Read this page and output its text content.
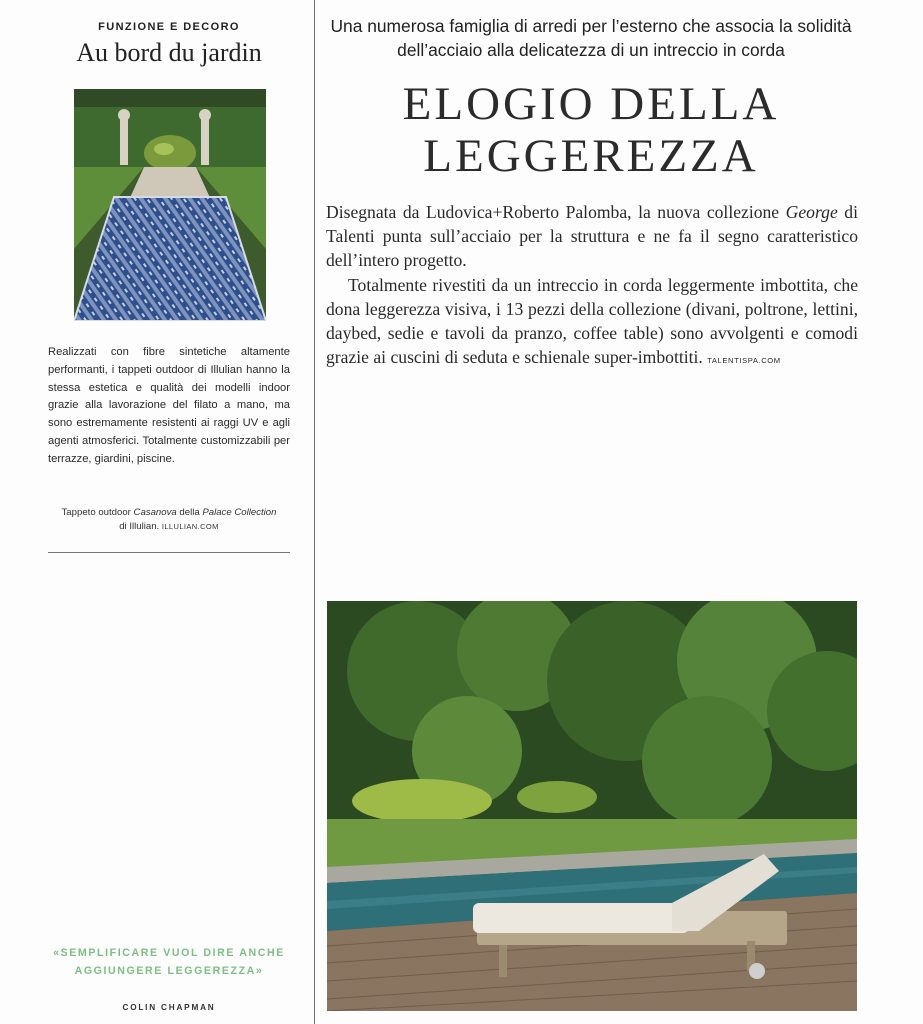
FUNZIONE E DECORO
Au bord du jardin

Realizzati con fibre sintetiche altamente performanti, i tappeti outdoor di Illulian hanno la stessa estetica e qualità dei modelli indoor grazie alla lavorazione del filato a mano, ma sono estremamente resistenti ai raggi UV e agli agenti atmosferici. Totalmente customizzabili per terrazze, giardini, piscine.

Tappeto outdoor Casanova della Palace Collection di Illulian. ILLULIAN.COM
«SEMPLIFICARE VUOL DIRE ANCHE AGGIUNGERE LEGGEREZZA»
COLIN CHAPMAN
Una numerosa famiglia di arredi per l’esterno che associa la solidità dell’acciaio alla delicatezza di un intreccio in corda
ELOGIO DELLA
LEGGEREZZA

Disegnata da Ludovica+Roberto Palomba, la nuova collezione George di Talenti punta sull’acciaio per la struttura e ne fa il segno caratteristico dell’intero progetto.

Totalmente rivestiti da un intreccio in corda leggermente imbottita, che dona leggerezza visiva, i 13 pezzi della collezione (divani, poltrone, lettini, daybed, sedie e tavoli da pranzo, coffee table) sono avvolgenti e comodi grazie ai cuscini di seduta e schienale super-imbottiti. TALENTISPA.COM
